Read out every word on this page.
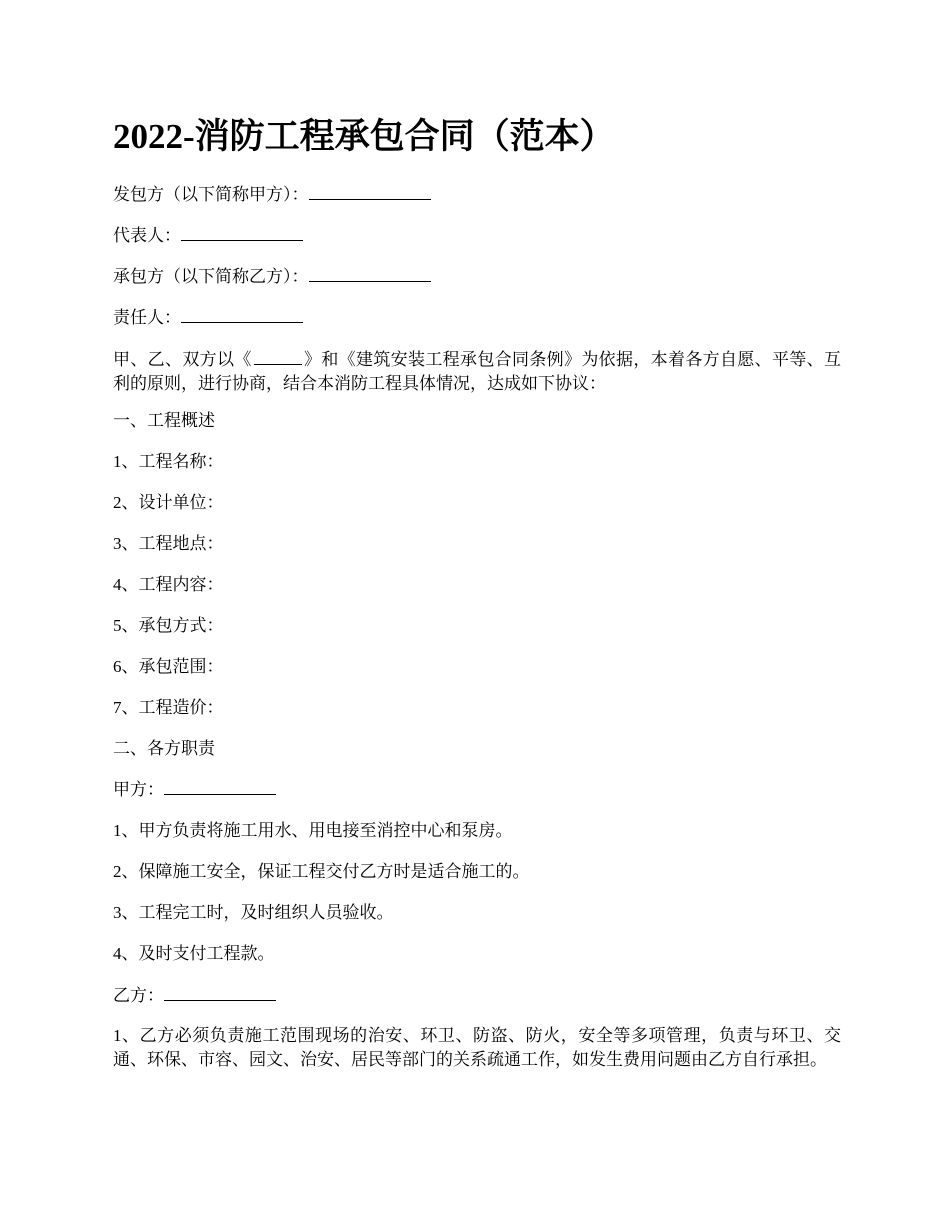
2022-消防工程承包合同（范本）

发包方（以下简称甲方）：

代表人：

承包方（以下简称乙方）：

责任人：

甲、乙、双方以《	》和《建筑安装工程承包合同条例》为依据，本着各方自愿、平等、互利的原则，进行协商，结合本消防工程具体情况，达成如下协议：

一、工程概述

1、工程名称：

2、设计单位：

3、工程地点：

4、工程内容：

5、承包方式：

6、承包范围：

7、工程造价：

二、各方职责

甲方：

1、甲方负责将施工用水、用电接至消控中心和泵房。

2、保障施工安全，保证工程交付乙方时是适合施工的。

3、工程完工时，及时组织人员验收。

4、及时支付工程款。

乙方：

1、乙方必须负责施工范围现场的治安、环卫、防盗、防火，安全等多项管理，负责与环卫、交通、环保、市容、园文、治安、居民等部门的关系疏通工作，如发生费用问题由乙方自行承担。
